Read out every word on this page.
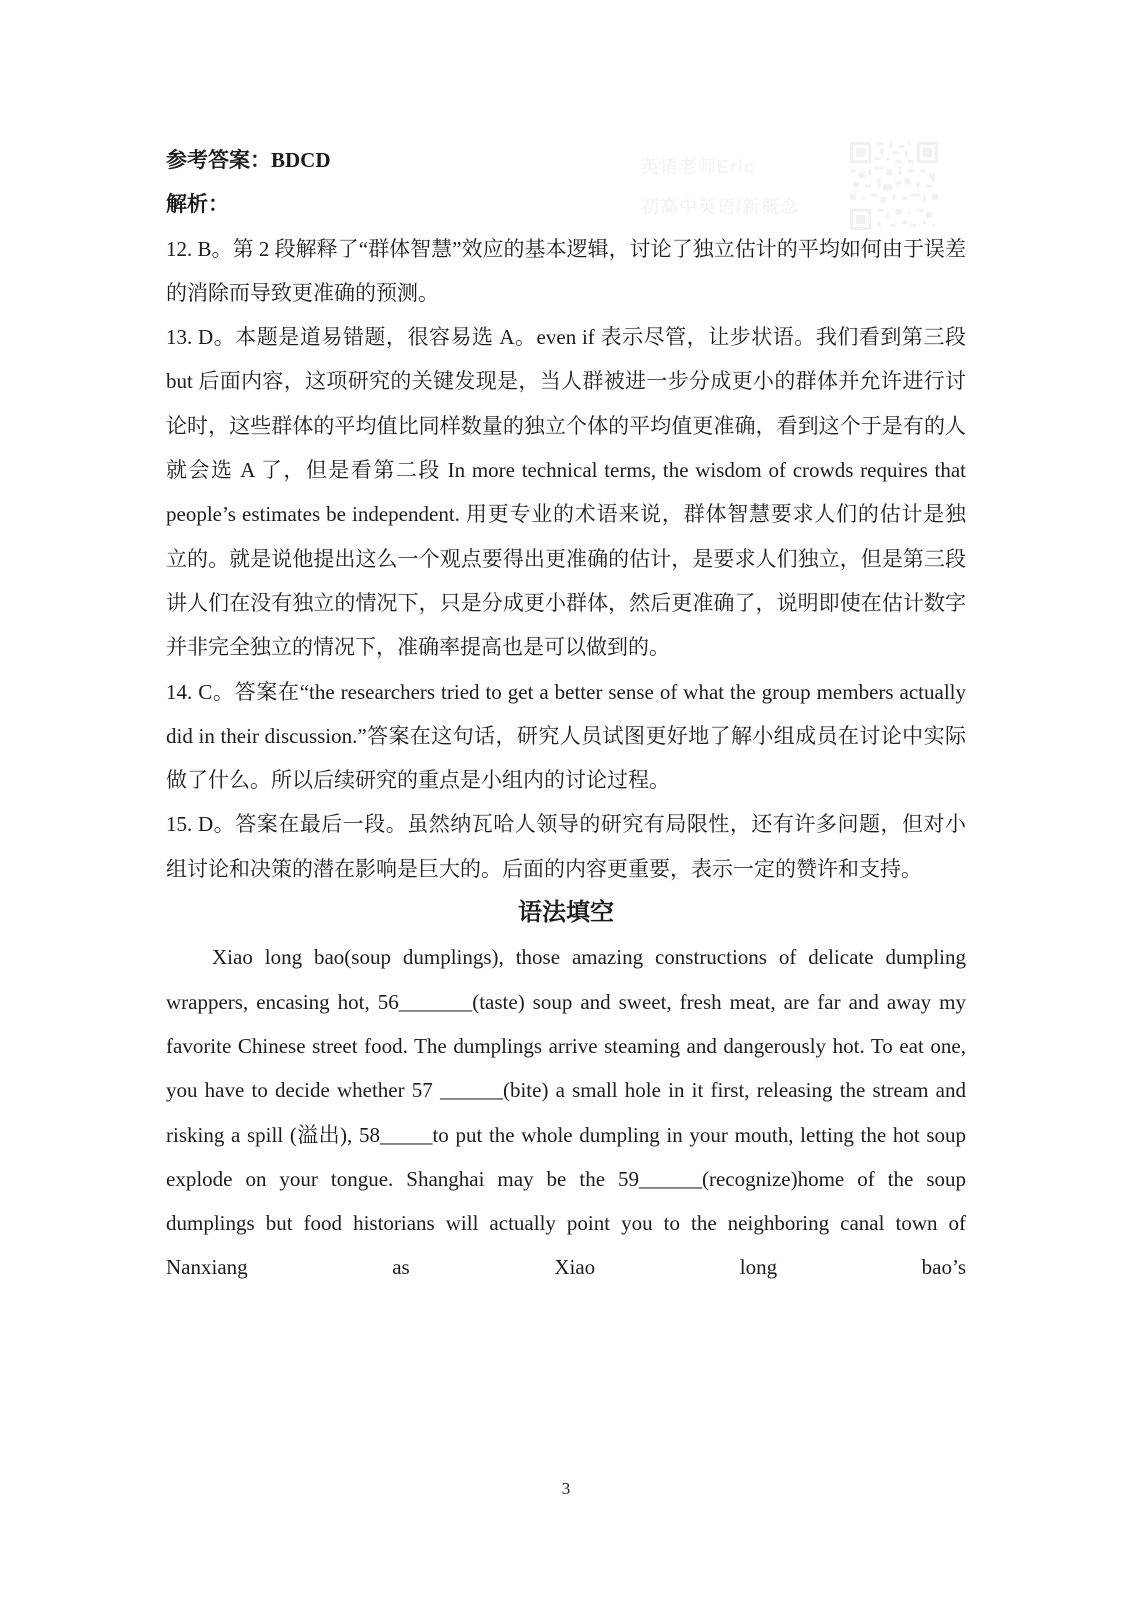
参考答案：BDCD

解析：

12. B。第 2 段解释了“群体智慧”效应的基本逻辑，讨论了独立估计的平均如何由于误差的消除而导致更准确的预测。

13. D。本题是道易错题，很容易选 A。even if 表示尽管，让步状语。我们看到第三段 but 后面内容，这项研究的关键发现是，当人群被进一步分成更小的群体并允许进行讨论时，这些群体的平均值比同样数量的独立个体的平均值更准确，看到这个于是有的人就会选 A 了，但是看第二段 In more technical terms, the wisdom of crowds requires that people’s estimates be independent. 用更专业的术语来说，群体智慧要求人们的估计是独立的。就是说他提出这么一个观点要得出更准确的估计，是要求人们独立，但是第三段讲人们在没有独立的情况下，只是分成更小群体，然后更准确了，说明即使在估计数字并非完全独立的情况下，准确率提高也是可以做到的。

14. C。答案在“the researchers tried to get a better sense of what the group members actually did in their discussion.”答案在这句话，研究人员试图更好地了解小组成员在讨论中实际做了什么。所以后续研究的重点是小组内的讨论过程。

15. D。答案在最后一段。虽然纳瓦哈人领导的研究有局限性，还有许多问题，但对小组讨论和决策的潜在影响是巨大的。后面的内容更重要，表示一定的赞许和支持。

语法填空

Xiao long bao(soup dumplings), those amazing constructions of delicate dumpling wrappers, encasing hot, 56_______(taste) soup and sweet, fresh meat, are far and away my favorite Chinese street food. The dumplings arrive steaming and dangerously hot. To eat one, you have to decide whether 57 ______(bite) a small hole in it first, releasing the stream and risking a spill (溢出), 58_____to put the whole dumpling in your mouth, letting the hot soup explode on your tongue. Shanghai may be the 59______(recognize)home of the soup dumplings but food historians will actually point you to the neighboring canal town of Nanxiang as Xiao long bao’s

3
